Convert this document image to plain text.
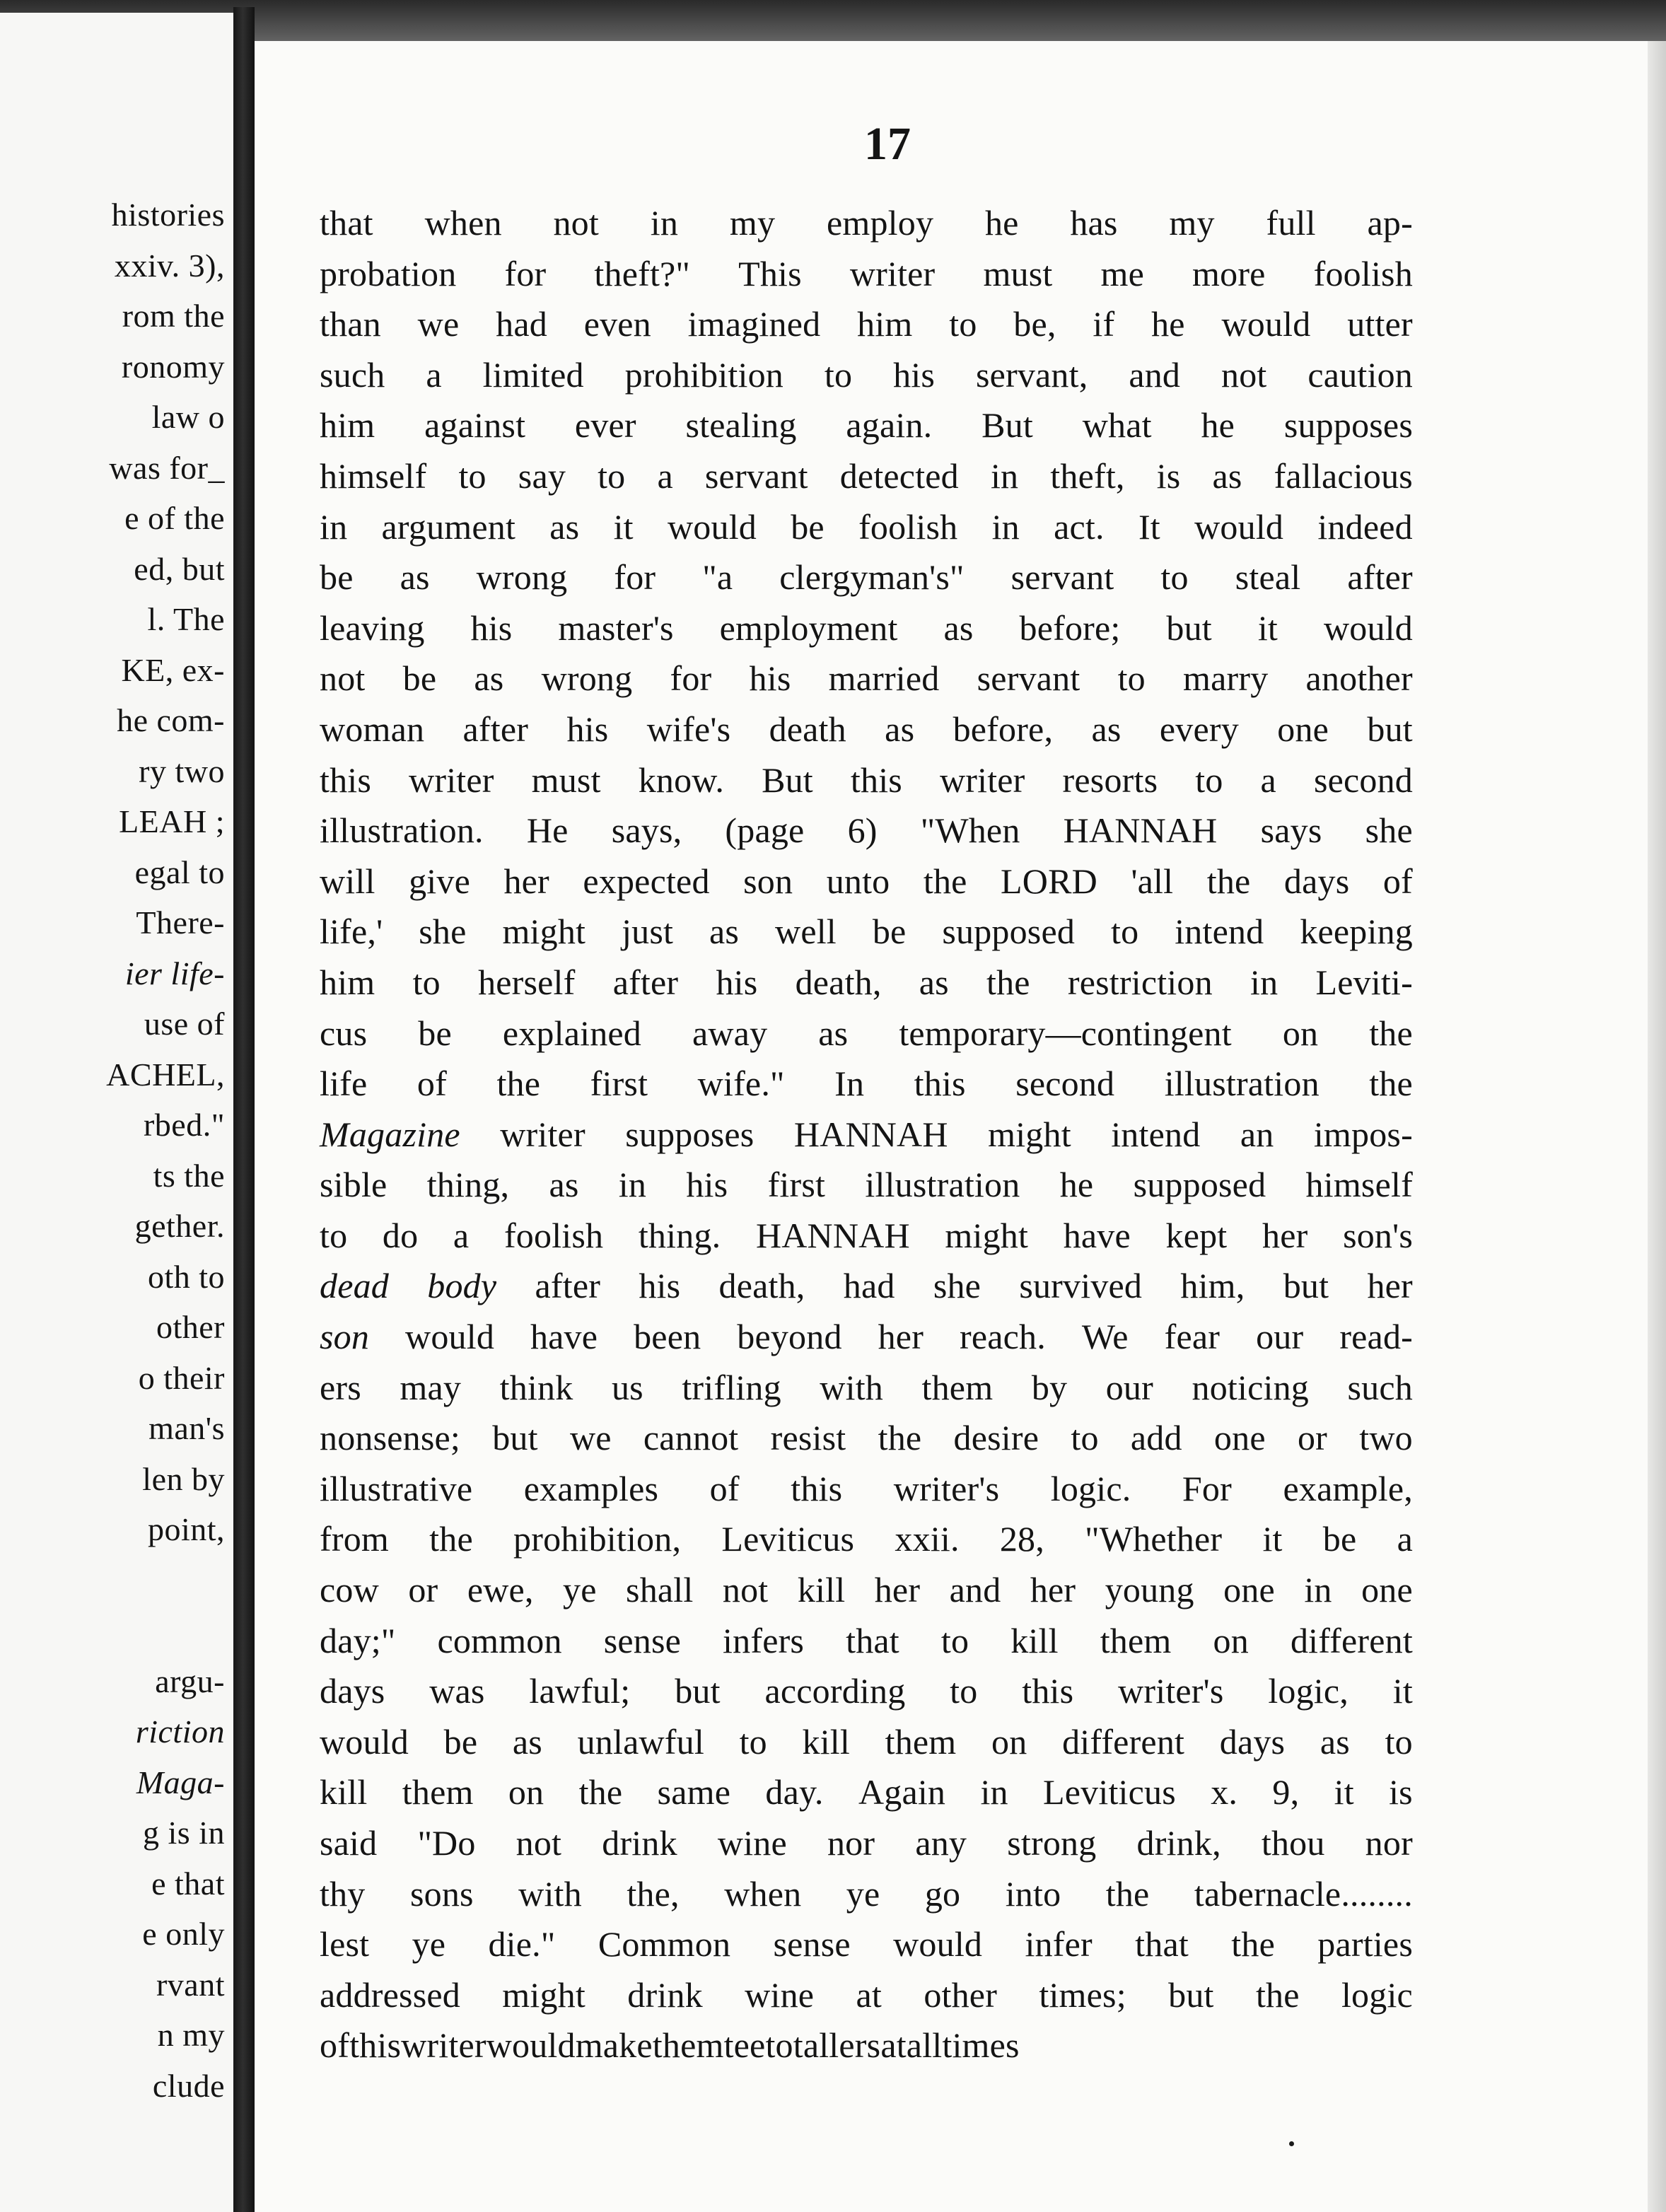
histories
xxiv. 3),
rom the
ronomy
law o
was for_
e of the
ed, but
l. The
KE, ex-
he com-
ry two
LEAH ;
egal to
There-
ier life-
use of
ACHEL,
rbed."
ts the
gether.
oth to
other
o their
man's
len by
point,
argu-
riction
Maga-
g is in
e that
e only
rvant
n my
clude
17
that when not in my employ he has my full ap-
probation for theft?" This writer must me more foolish
than we had even imagined him to be, if he would utter
such a limited prohibition to his servant, and not caution
him against ever stealing again. But what he supposes
himself to say to a servant detected in theft, is as fallacious
in argument as it would be foolish in act. It would indeed
be as wrong for "a clergyman's" servant to steal after
leaving his master's employment as before; but it would
not be as wrong for his married servant to marry another
woman after his wife's death as before, as every one but
this writer must know. But this writer resorts to a second
illustration. He says, (page 6) "When HANNAH says she
will give her expected son unto the LORD 'all the days of
life,' she might just as well be supposed to intend keeping
him to herself after his death, as the restriction in Leviti-
cus be explained away as temporary—contingent on the
life of the first wife." In this second illustration the
Magazine writer supposes HANNAH might intend an impos-
sible thing, as in his first illustration he supposed himself
to do a foolish thing. HANNAH might have kept her son's
dead body after his death, had she survived him, but her
son would have been beyond her reach. We fear our read-
ers may think us trifling with them by our noticing such
nonsense; but we cannot resist the desire to add one or two
illustrative examples of this writer's logic. For example,
from the prohibition, Leviticus xxii. 28, "Whether it be a
cow or ewe, ye shall not kill her and her young one in one
day;" common sense infers that to kill them on different
days was lawful; but according to this writer's logic, it
would be as unlawful to kill them on different days as to
kill them on the same day. Again in Leviticus x. 9, it is
said "Do not drink wine nor any strong drink, thou nor
thy sons with the, when ye go into the tabernacle........
lest ye die." Common sense would infer that the parties
addressed might drink wine at other times; but the logic
of this writer would make them teetotallers at all times
